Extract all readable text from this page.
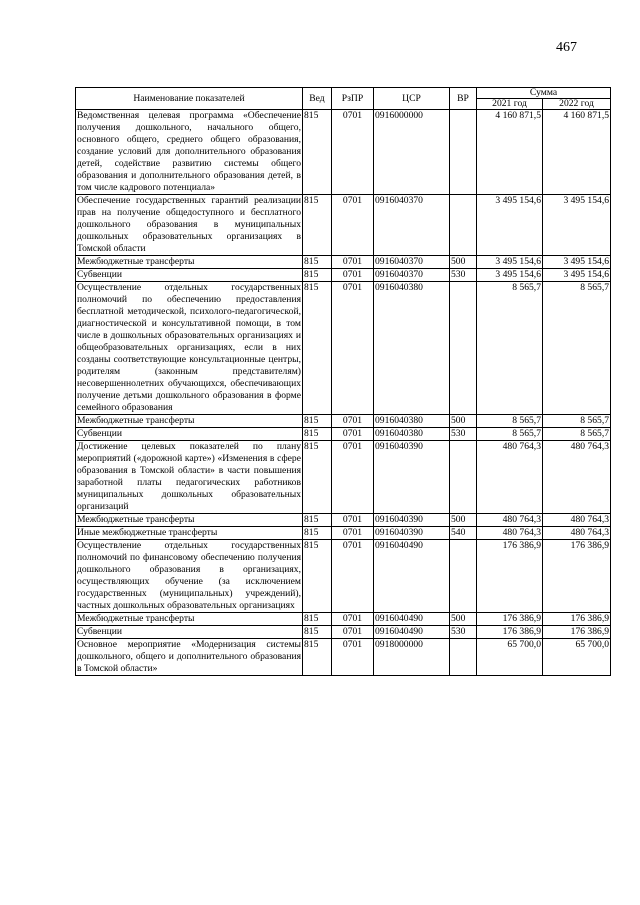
467
Наименование показателей	Вед	РзПР	ЦСР	ВР	Сумма	
					2021 год	2022 год
Ведомственная целевая программа «Обеспечение получения дошкольного, начального общего, основного общего, среднего общего образования, создание условий для дополнительного образования детей, содействие развитию системы общего образования и дополнительного образования детей, в том числе кадрового потенциала»	815	0701	0916000000		4 160 871,5	4 160 871,5
Обеспечение государственных гарантий реализации прав на получение общедоступного и бесплатного дошкольного образования в муниципальных дошкольных образовательных организациях в Томской области	815	0701	0916040370		3 495 154,6	3 495 154,6
Межбюджетные трансферты	815	0701	0916040370	500	3 495 154,6	3 495 154,6
Субвенции	815	0701	0916040370	530	3 495 154,6	3 495 154,6
Осуществление отдельных государственных полномочий по обеспечению предоставления бесплатной методической, психолого-педагогической, диагностической и консультативной помощи, в том числе в дошкольных образовательных организациях и общеобразовательных организациях, если в них созданы соответствующие консультационные центры, родителям (законным представителям) несовершеннолетних обучающихся, обеспечивающих получение детьми дошкольного образования в форме семейного образования	815	0701	0916040380		8 565,7	8 565,7
Межбюджетные трансферты	815	0701	0916040380	500	8 565,7	8 565,7
Субвенции	815	0701	0916040380	530	8 565,7	8 565,7
Достижение целевых показателей по плану мероприятий («дорожной карте») «Изменения в сфере образования в Томской области» в части повышения заработной платы педагогических работников муниципальных дошкольных образовательных организаций	815	0701	0916040390		480 764,3	480 764,3
Межбюджетные трансферты	815	0701	0916040390	500	480 764,3	480 764,3
Иные межбюджетные трансферты	815	0701	0916040390	540	480 764,3	480 764,3
Осуществление отдельных государственных полномочий по финансовому обеспечению получения дошкольного образования в организациях, осуществляющих обучение (за исключением государственных (муниципальных) учреждений), частных дошкольных образовательных организациях	815	0701	0916040490		176 386,9	176 386,9
Межбюджетные трансферты	815	0701	0916040490	500	176 386,9	176 386,9
Субвенции	815	0701	0916040490	530	176 386,9	176 386,9
Основное мероприятие «Модернизация системы дошкольного, общего и дополнительного образования в Томской области»	815	0701	0918000000		65 700,0	65 700,0
